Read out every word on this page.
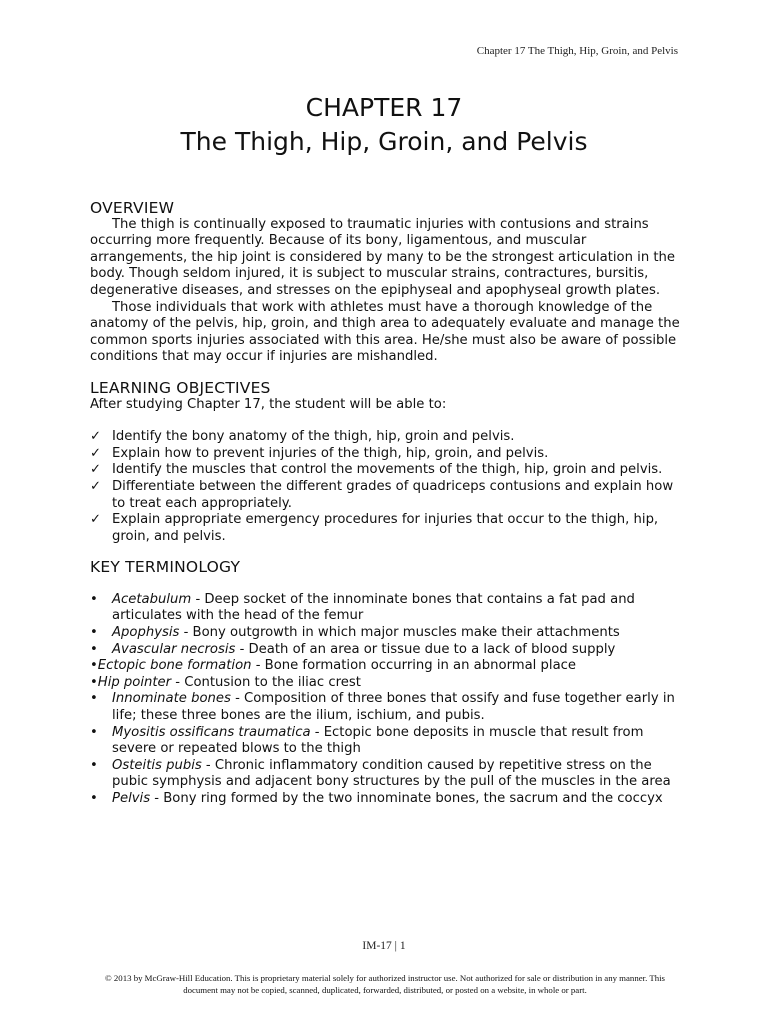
Chapter 17 The Thigh, Hip, Groin, and Pelvis
CHAPTER 17
The Thigh, Hip, Groin, and Pelvis
OVERVIEW

The thigh is continually exposed to traumatic injuries with contusions and strains occurring more frequently. Because of its bony, ligamentous, and muscular arrangements, the hip joint is considered by many to be the strongest articulation in the body. Though seldom injured, it is subject to muscular strains, contractures, bursitis, degenerative diseases, and stresses on the epiphyseal and apophyseal growth plates.

Those individuals that work with athletes must have a thorough knowledge of the anatomy of the pelvis, hip, groin, and thigh area to adequately evaluate and manage the common sports injuries associated with this area. He/she must also be aware of possible conditions that may occur if injuries are mishandled.

LEARNING OBJECTIVES

After studying Chapter 17, the student will be able to:

✓ Identify the bony anatomy of the thigh, hip, groin and pelvis.
✓ Explain how to prevent injuries of the thigh, hip, groin, and pelvis.
✓ Identify the muscles that control the movements of the thigh, hip, groin and pelvis.
✓ Differentiate between the different grades of quadriceps contusions and explain how to treat each appropriately.
✓ Explain appropriate emergency procedures for injuries that occur to the thigh, hip, groin, and pelvis.
KEY TERMINOLOGY
• Acetabulum - Deep socket of the innominate bones that contains a fat pad and articulates with the head of the femur
• Apophysis - Bony outgrowth in which major muscles make their attachments
• Avascular necrosis - Death of an area or tissue due to a lack of blood supply
•Ectopic bone formation - Bone formation occurring in an abnormal place
•Hip pointer - Contusion to the iliac crest
• Innominate bones - Composition of three bones that ossify and fuse together early in life; these three bones are the ilium, ischium, and pubis.
• Myositis ossificans traumatica - Ectopic bone deposits in muscle that result from severe or repeated blows to the thigh
• Osteitis pubis - Chronic inflammatory condition caused by repetitive stress on the pubic symphysis and adjacent bony structures by the pull of the muscles in the area
• Pelvis - Bony ring formed by the two innominate bones, the sacrum and the coccyx
IM-17 | 1
© 2013 by McGraw-Hill Education. This is proprietary material solely for authorized instructor use. Not authorized for sale or distribution in any manner. This document may not be copied, scanned, duplicated, forwarded, distributed, or posted on a website, in whole or part.
